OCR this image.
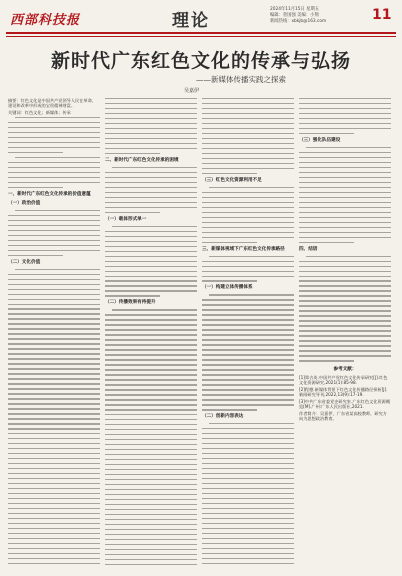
西部科技报	理论
2024年11月15日 星期五
编辑：曾国强 美编：小翔
新闻热线：xbkjb@163.com	11
新时代广东红色文化的传承与弘扬
——新媒体传播实践之探索
吴嘉伊
摘要：红色文化是中国共产党领导人民在革命、建设和改革中形成的宝贵精神财富。
关键词：红色文化；新媒体；传承
一、新时代广东红色文化传承的价值意蕴
（一）政治价值
（二）文化价值
二、新时代广东红色文化传承的困境
（一）载体形式单一
（二）传播效果有待提升
（三）红色文化资源利用不足
三、新媒体视域下广东红色文化传承路径
（一）构建立体传播体系
（二）创新内容表达
（三）强化队伍建设
四、结语
参考文献：
[1]郑吉英.中国共产党红色文化传承研究[J].红色文化资源研究,2021(1):85-98.
[2]程德.新媒体背景下红色文化传播路径探析[J].新闻研究导刊,2022,13(9):17-19.
[3]中共广东省委党史研究室.广东红色文化资源概览[M].广州:广东人民出版社,2021.
作者简介：吴嘉伊，广东省某高校教师，研究方向为思想政治教育。
